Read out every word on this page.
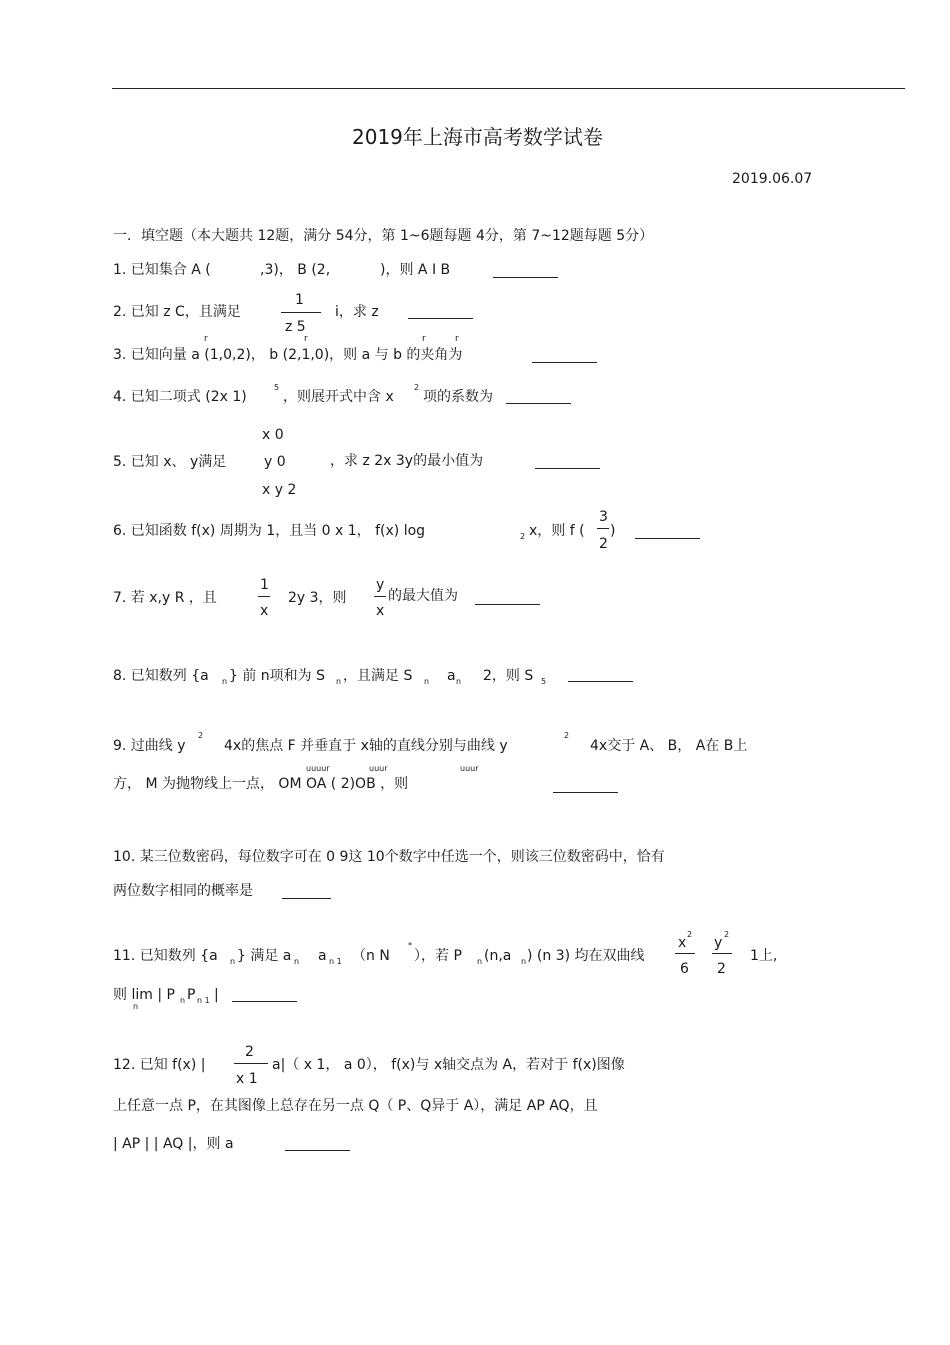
2019年上海市高考数学试卷
2019.06.07
一．填空题（本大题共 12题，满分 54分，第 1~6题每题 4分，第 7~12题每题 5分）
1. 已知集合 A (	,3)， B (2,	)，则 A I B
2. 已知 z C，且满足
1
z 5
i，求 z
r	r	r	r
3. 已知向量 a (1,0,2)， b (2,1,0)，则 a 与 b 的夹角为
4. 已知二项式 (2x 1)
5
，则展开式中含 x
2
项的系数为
x 0
5. 已知 x、 y满足	y 0	，求 z 2x 3y的最小值为
x y 2
6. 已知函数 f(x) 周期为 1，且当 0 x 1， f(x) log	2 x，则 f (
3
2
)
7. 若 x,y R ，且
1
x
2y 3，则
y
x
的最大值为
8. 已知数列 {a n } 前 n项和为 S n ，且满足 S n a n 2，则 S 5
9. 过曲线 y
2
4x的焦点 F 并垂直于 x轴的直线分别与曲线 y
2
4x交于 A、 B， A在 B上
uuuur	uuur	uuur
方， M 为抛物线上一点， OM OA ( 2)OB ，则
10. 某三位数密码，每位数字可在 0 9这 10个数字中任选一个，则该三位数密码中，恰有
两位数字相同的概率是
11. 已知数列 {a n } 满足 a n a n 1 （n N
*
），若 P n (n,a n ) (n 3) 均在双曲线
x
2
6
y
2
2
1上,
则 lim | P
n
n P n 1 |
12. 已知 f(x) |
2
x 1
a|（ x 1， a 0）， f(x)与 x轴交点为 A，若对于 f(x)图像
上任意一点 P，在其图像上总存在另一点 Q（ P、Q异于 A），满足 AP AQ，且
| AP | | AQ |，则 a
